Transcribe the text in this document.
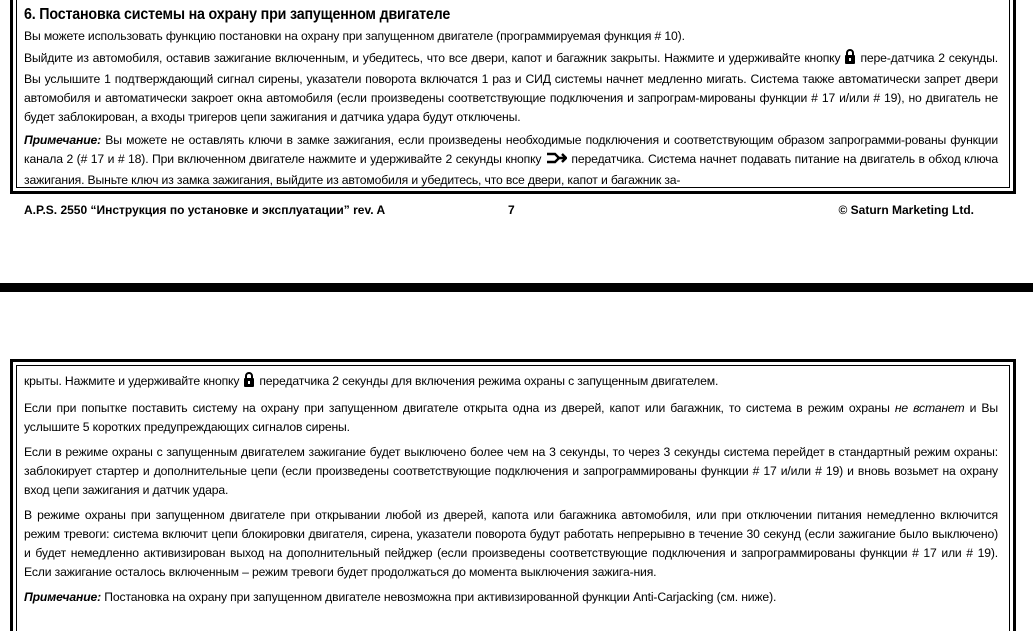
6. Постановка системы на охрану при запущенном двигателе

Вы можете использовать функцию постановки на охрану при запущенном двигателе (программируемая функция # 10).

Выйдите из автомобиля, оставив зажигание включенным, и убедитесь, что все двери, капот и багажник закрыты. Нажмите и удерживайте кнопку пере-датчика 2 секунды. Вы услышите 1 подтверждающий сигнал сирены, указатели поворота включатся 1 раз и СИД системы начнет медленно мигать. Система также автоматически запрет двери автомобиля и автоматически закроет окна автомобиля (если произведены соответствующие подключения и запрограм-мированы функции # 17 и/или # 19), но двигатель не будет заблокирован, а входы тригеров цепи зажигания и датчика удара будут отключены.

Примечание: Вы можете не оставлять ключи в замке зажигания, если произведены необходимые подключения и соответствующим образом запрограмми-рованы функции канала 2 (# 17 и # 18). При включенном двигателе нажмите и удерживайте 2 секунды кнопку передатчика. Система начнет подавать питание на двигатель в обход ключа зажигания. Выньте ключ из замка зажигания, выйдите из автомобиля и убедитесь, что все двери, капот и багажник за-

A.P.S. 2550 “Инструкция по установке и эксплуатации” rev. A	7	© Saturn Marketing Ltd.

крыты. Нажмите и удерживайте кнопку передатчика 2 секунды для включения режима охраны с запущенным двигателем.

Если при попытке поставить систему на охрану при запущенном двигателе открыта одна из дверей, капот или багажник, то система в режим охраны не встанет и Вы услышите 5 коротких предупреждающих сигналов сирены.

Если в режиме охраны с запущенным двигателем зажигание будет выключено более чем на 3 секунды, то через 3 секунды система перейдет в стандартный режим охраны: заблокирует стартер и дополнительные цепи (если произведены соответствующие подключения и запрограммированы функции # 17 и/или # 19) и вновь возьмет на охрану вход цепи зажигания и датчик удара.

В режиме охраны при запущенном двигателе при открывании любой из дверей, капота или багажника автомобиля, или при отключении питания немедленно включится режим тревоги: система включит цепи блокировки двигателя, сирена, указатели поворота будут работать непрерывно в течение 30 секунд (если зажигание было выключено) и будет немедленно активизирован выход на дополнительный пейджер (если произведены соответствующие подключения и запрограммированы функции # 17 или # 19). Если зажигание осталось включенным – режим тревоги будет продолжаться до момента выключения зажига-ния.

Примечание: Постановка на охрану при запущенном двигателе невозможна при активизированной функции Anti-Carjacking (см. ниже).
